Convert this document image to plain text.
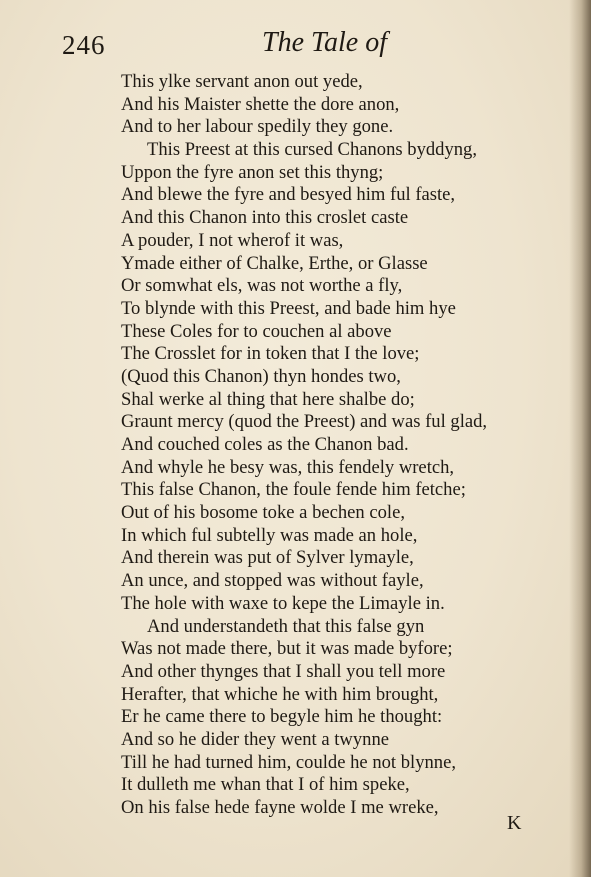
246	The Tale of
This ylke servant anon out yede,
And his Maister shette the dore anon,
And to her labour spedily they gone.
This Preest at this cursed Chanons byddyng,
Uppon the fyre anon set this thyng;
And blewe the fyre and besyed him ful faste,
And this Chanon into this croslet caste
A pouder, I not wherof it was,
Ymade either of Chalke, Erthe, or Glasse
Or somwhat els, was not worthe a fly,
To blynde with this Preest, and bade him hye
These Coles for to couchen al above
The Crosslet for in token that I the love;
(Quod this Chanon) thyn hondes two,
Shal werke al thing that here shalbe do;
Graunt mercy (quod the Preest) and was ful glad,
And couched coles as the Chanon bad.
And whyle he besy was, this fendely wretch,
This false Chanon, the foule fende him fetche;
Out of his bosome toke a bechen cole,
In which ful subtelly was made an hole,
And therein was put of Sylver lymayle,
An unce, and stopped was without fayle,
The hole with waxe to kepe the Limayle in.
And understandeth that this false gyn
Was not made there, but it was made byfore;
And other thynges that I shall you tell more
Herafter, that whiche he with him brought,
Er he came there to begyle him he thought:
And so he dider they went a twynne
Till he had turned him, coulde he not blynne,
It dulleth me whan that I of him speke,
On his false hede fayne wolde I me wreke,
K
